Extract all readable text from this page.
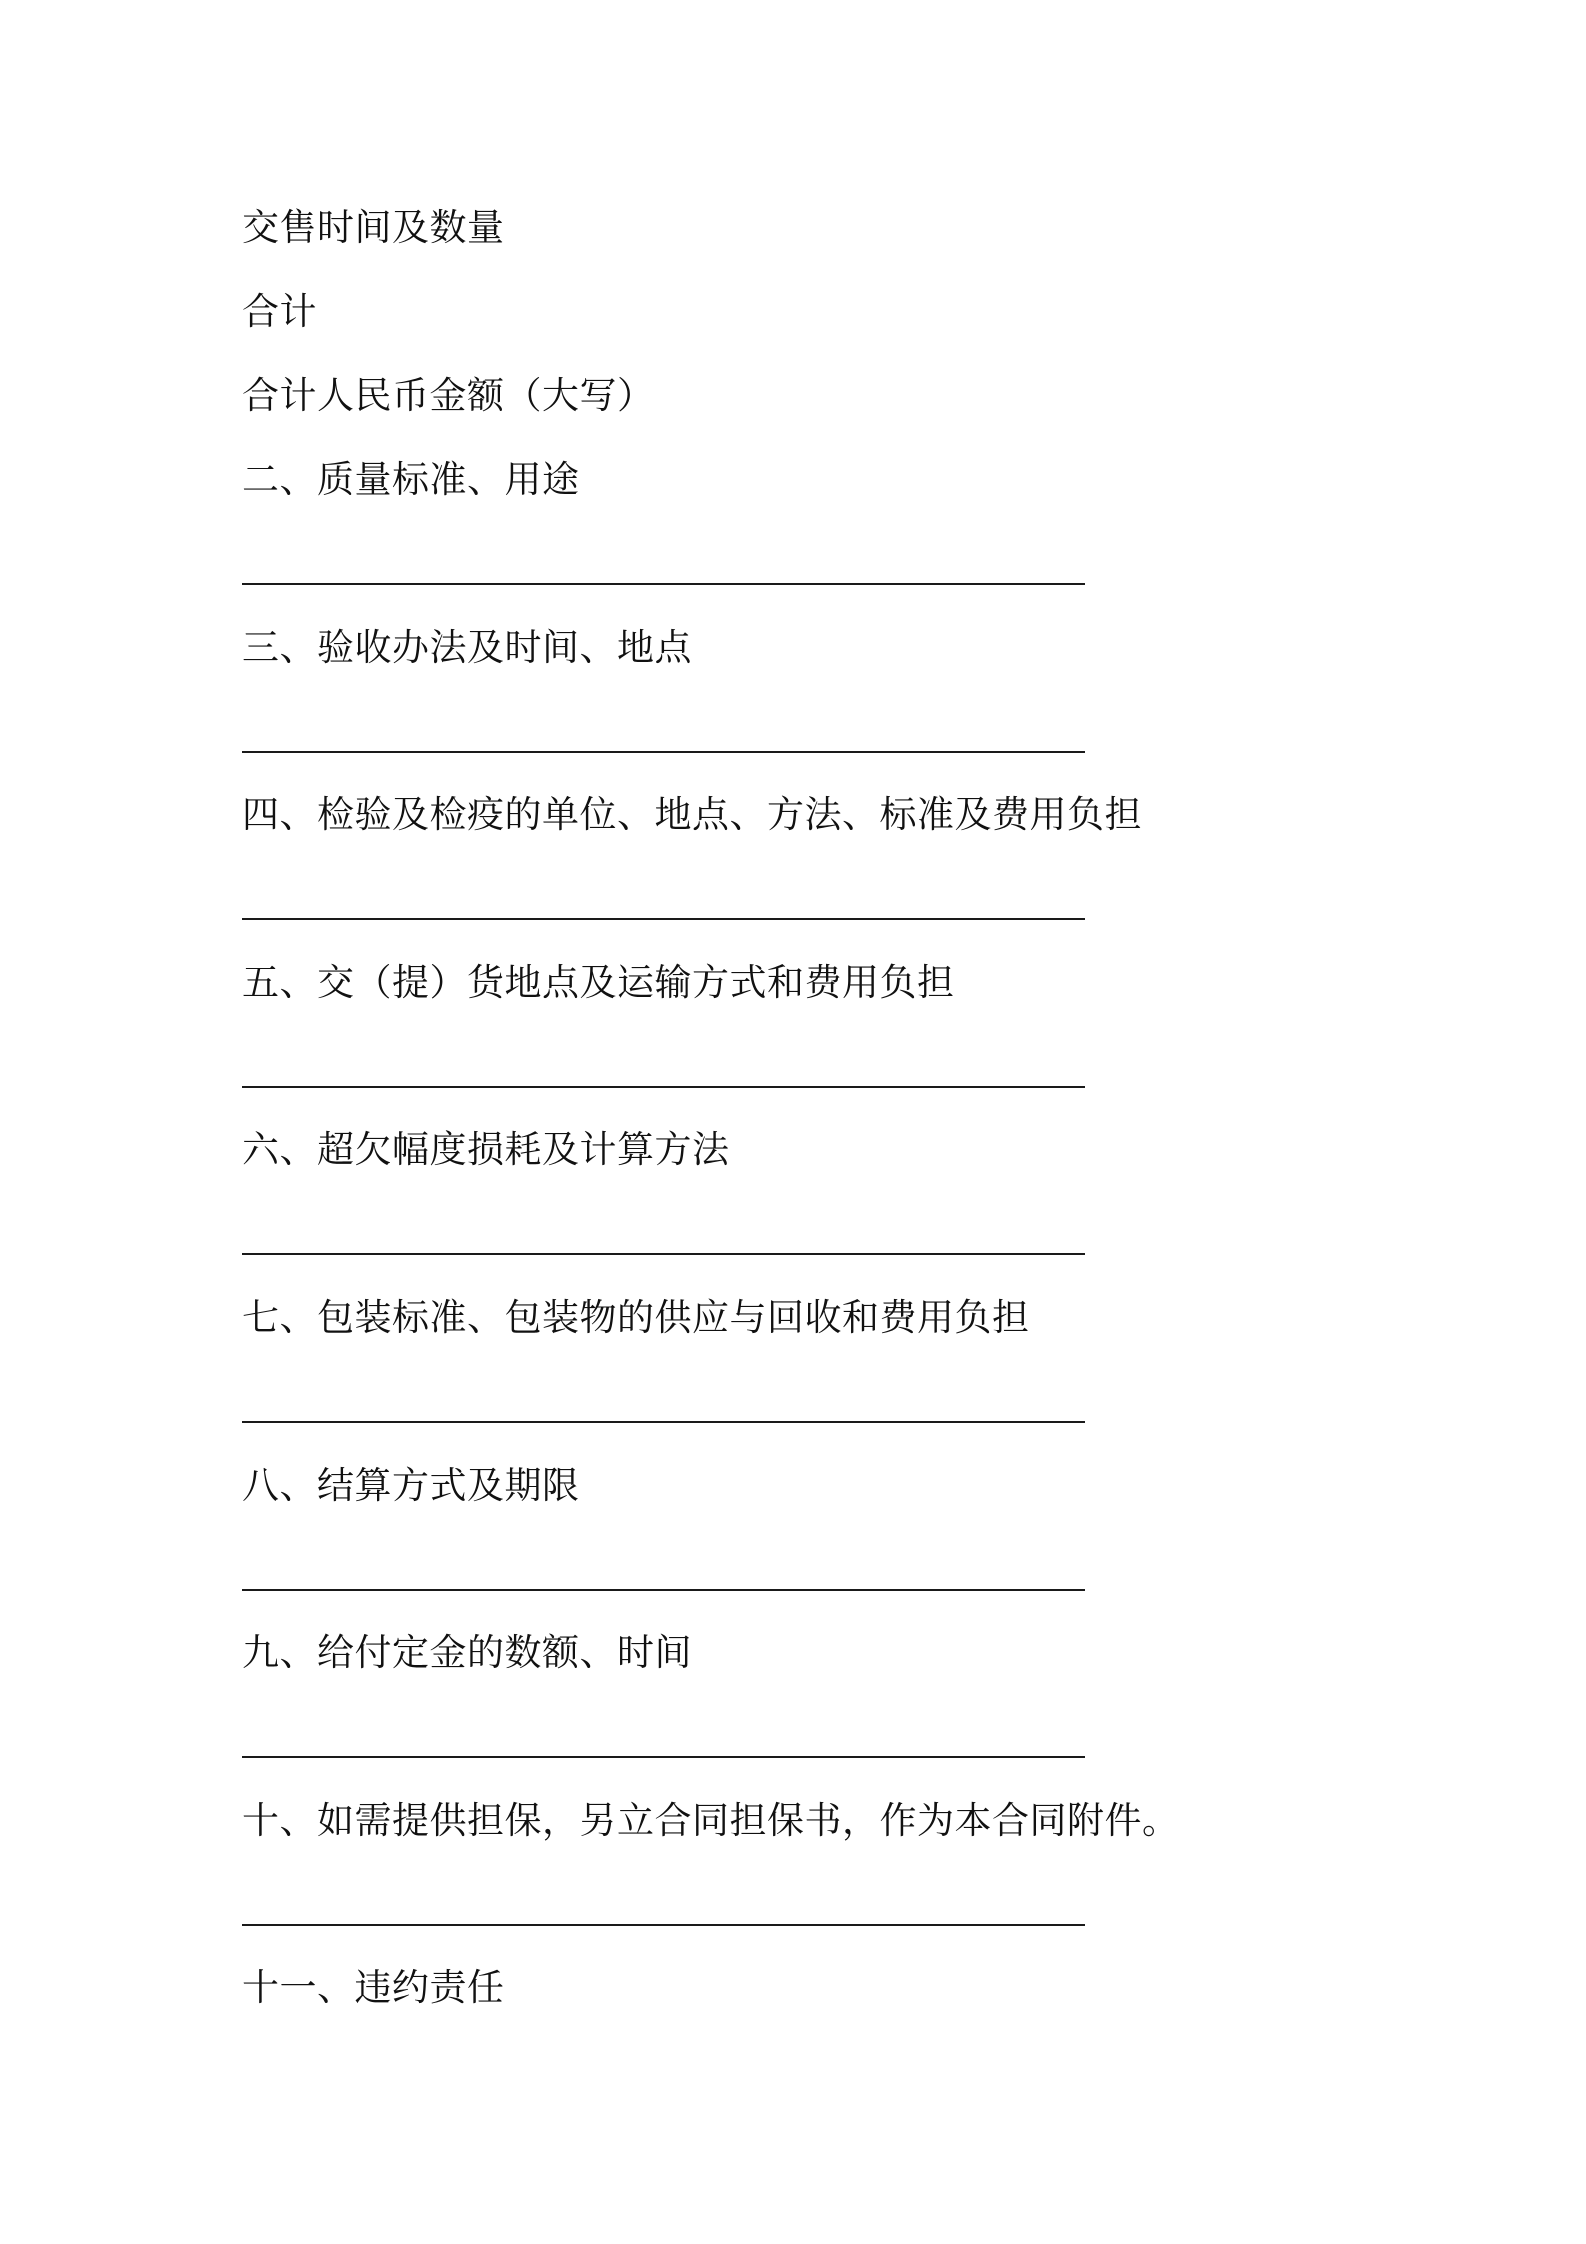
交售时间及数量
合计
合计人民币金额（大写）
二、质量标准、用途
三、验收办法及时间、地点
四、检验及检疫的单位、地点、方法、标准及费用负担
五、交（提）货地点及运输方式和费用负担
六、超欠幅度损耗及计算方法
七、包装标准、包装物的供应与回收和费用负担
八、结算方式及期限
九、给付定金的数额、时间
十、如需提供担保，另立合同担保书，作为本合同附件。
十一、违约责任
